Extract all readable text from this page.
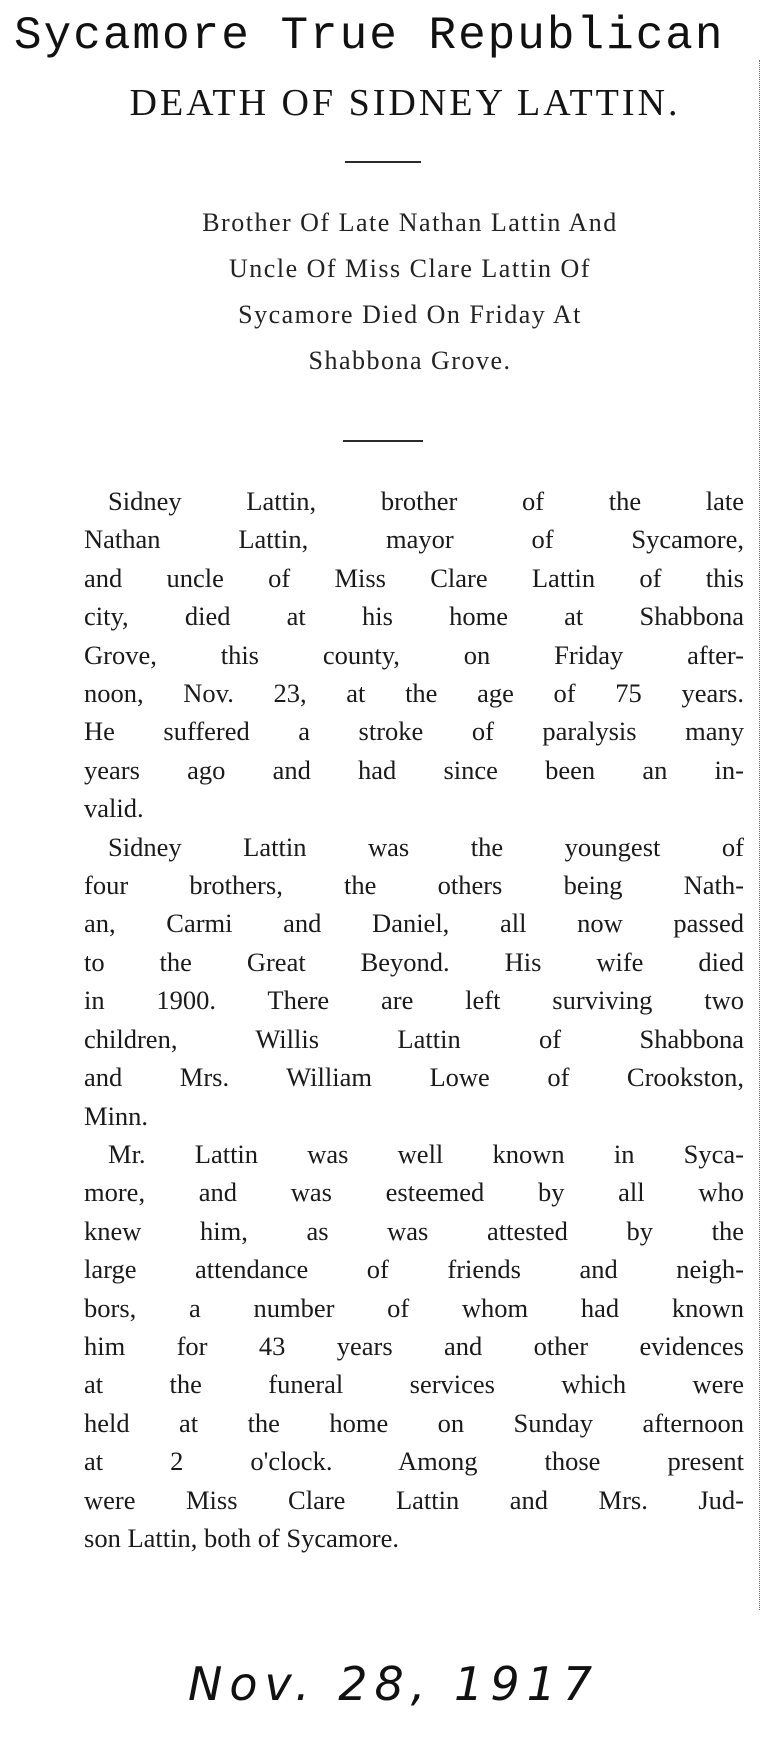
Sycamore True Republican
DEATH OF SIDNEY LATTIN.
Brother Of Late Nathan Lattin And
Uncle Of Miss Clare Lattin Of
Sycamore Died On Friday At
Shabbona Grove.
Sidney Lattin, brother of the late
Nathan Lattin, mayor of Sycamore,
and uncle of Miss Clare Lattin of this
city, died at his home at Shabbona
Grove, this county, on Friday after-
noon, Nov. 23, at the age of 75 years.
He suffered a stroke of paralysis many
years ago and had since been an in-
valid.
Sidney Lattin was the youngest of
four brothers, the others being Nath-
an, Carmi and Daniel, all now passed
to the Great Beyond. His wife died
in 1900. There are left surviving two
children, Willis Lattin of Shabbona
and Mrs. William Lowe of Crookston,
Minn.
Mr. Lattin was well known in Syca-
more, and was esteemed by all who
knew him, as was attested by the
large attendance of friends and neigh-
bors, a number of whom had known
him for 43 years and other evidences
at the funeral services which were
held at the home on Sunday afternoon
at 2 o'clock. Among those present
were Miss Clare Lattin and Mrs. Jud-
son Lattin, both of Sycamore.
Nov. 28, 1917
